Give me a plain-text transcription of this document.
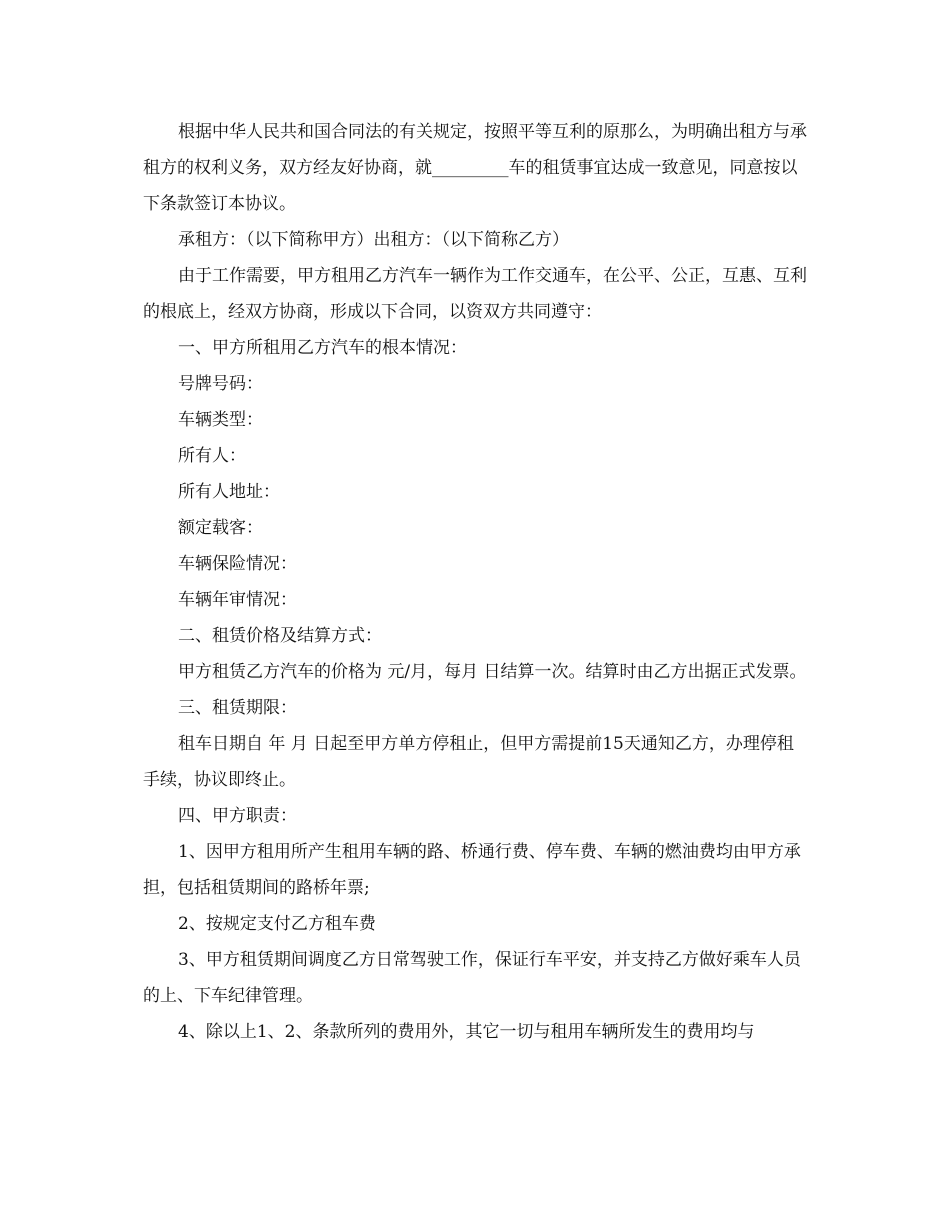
根据中华人民共和国合同法的有关规定，按照平等互利的原那么，为明确出租方与承租方的权利义务，双方经友好协商，就_________车的租赁事宜达成一致意见，同意按以下条款签订本协议。

承租方：（以下简称甲方）出租方：（以下简称乙方）

由于工作需要，甲方租用乙方汽车一辆作为工作交通车，在公平、公正，互惠、互利的根底上，经双方协商，形成以下合同，以资双方共同遵守：

一、甲方所租用乙方汽车的根本情况：

号牌号码：

车辆类型：

所有人：

所有人地址：

额定载客：

车辆保险情况：

车辆年审情况：

二、租赁价格及结算方式：

甲方租赁乙方汽车的价格为 元/月，每月 日结算一次。结算时由乙方出据正式发票。

三、租赁期限：

租车日期自 年 月 日起至甲方单方停租止，但甲方需提前15天通知乙方，办理停租手续，协议即终止。

四、甲方职责：

1、因甲方租用所产生租用车辆的路、桥通行费、停车费、车辆的燃油费均由甲方承担，包括租赁期间的路桥年票;

2、按规定支付乙方租车费

3、甲方租赁期间调度乙方日常驾驶工作，保证行车平安，并支持乙方做好乘车人员的上、下车纪律管理。

4、除以上1、2、条款所列的费用外，其它一切与租用车辆所发生的费用均与
